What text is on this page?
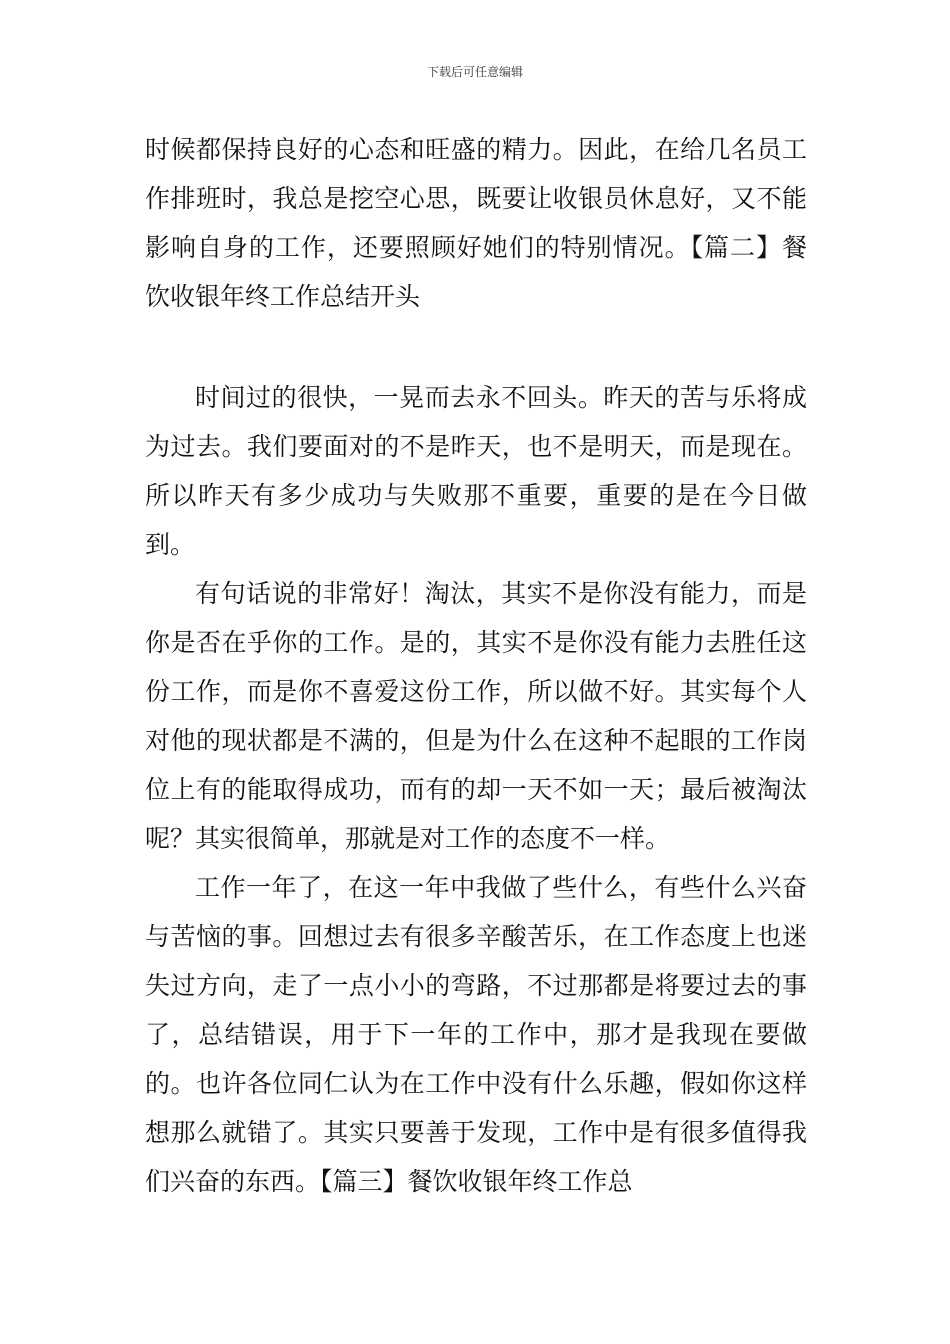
下载后可任意编辑

时候都保持良好的心态和旺盛的精力。因此，在给几名员工作排班时，我总是挖空心思，既要让收银员休息好，又不能影响自身的工作，还要照顾好她们的特别情况。【篇二】餐饮收银年终工作总结开头

时间过的很快，一晃而去永不回头。昨天的苦与乐将成为过去。我们要面对的不是昨天，也不是明天，而是现在。所以昨天有多少成功与失败那不重要，重要的是在今日做到。

有句话说的非常好！淘汰，其实不是你没有能力，而是你是否在乎你的工作。是的，其实不是你没有能力去胜任这份工作，而是你不喜爱这份工作，所以做不好。其实每个人对他的现状都是不满的，但是为什么在这种不起眼的工作岗位上有的能取得成功，而有的却一天不如一天；最后被淘汰呢？其实很简单，那就是对工作的态度不一样。

工作一年了，在这一年中我做了些什么，有些什么兴奋与苦恼的事。回想过去有很多辛酸苦乐，在工作态度上也迷失过方向，走了一点小小的弯路，不过那都是将要过去的事了，总结错误，用于下一年的工作中，那才是我现在要做的。也许各位同仁认为在工作中没有什么乐趣，假如你这样想那么就错了。其实只要善于发现，工作中是有很多值得我们兴奋的东西。【篇三】餐饮收银年终工作总
